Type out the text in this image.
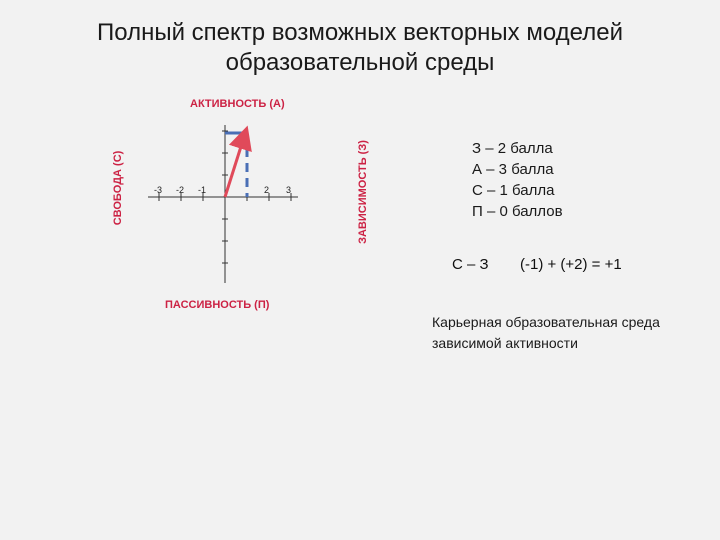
Полный спектр возможных векторных моделей
образовательной среды
АКТИВНОСТЬ (А)
ПАССИВНОСТЬ (П)
СВОБОДА (С)	ЗАВИСИМОСТЬ (З)
-3 -2 -1	2 3
З – 2 балла
А – 3 балла
С – 1 балла
П – 0 баллов
С – З (-1) + (+2) = +1
Карьерная образовательная среда зависимой активности
